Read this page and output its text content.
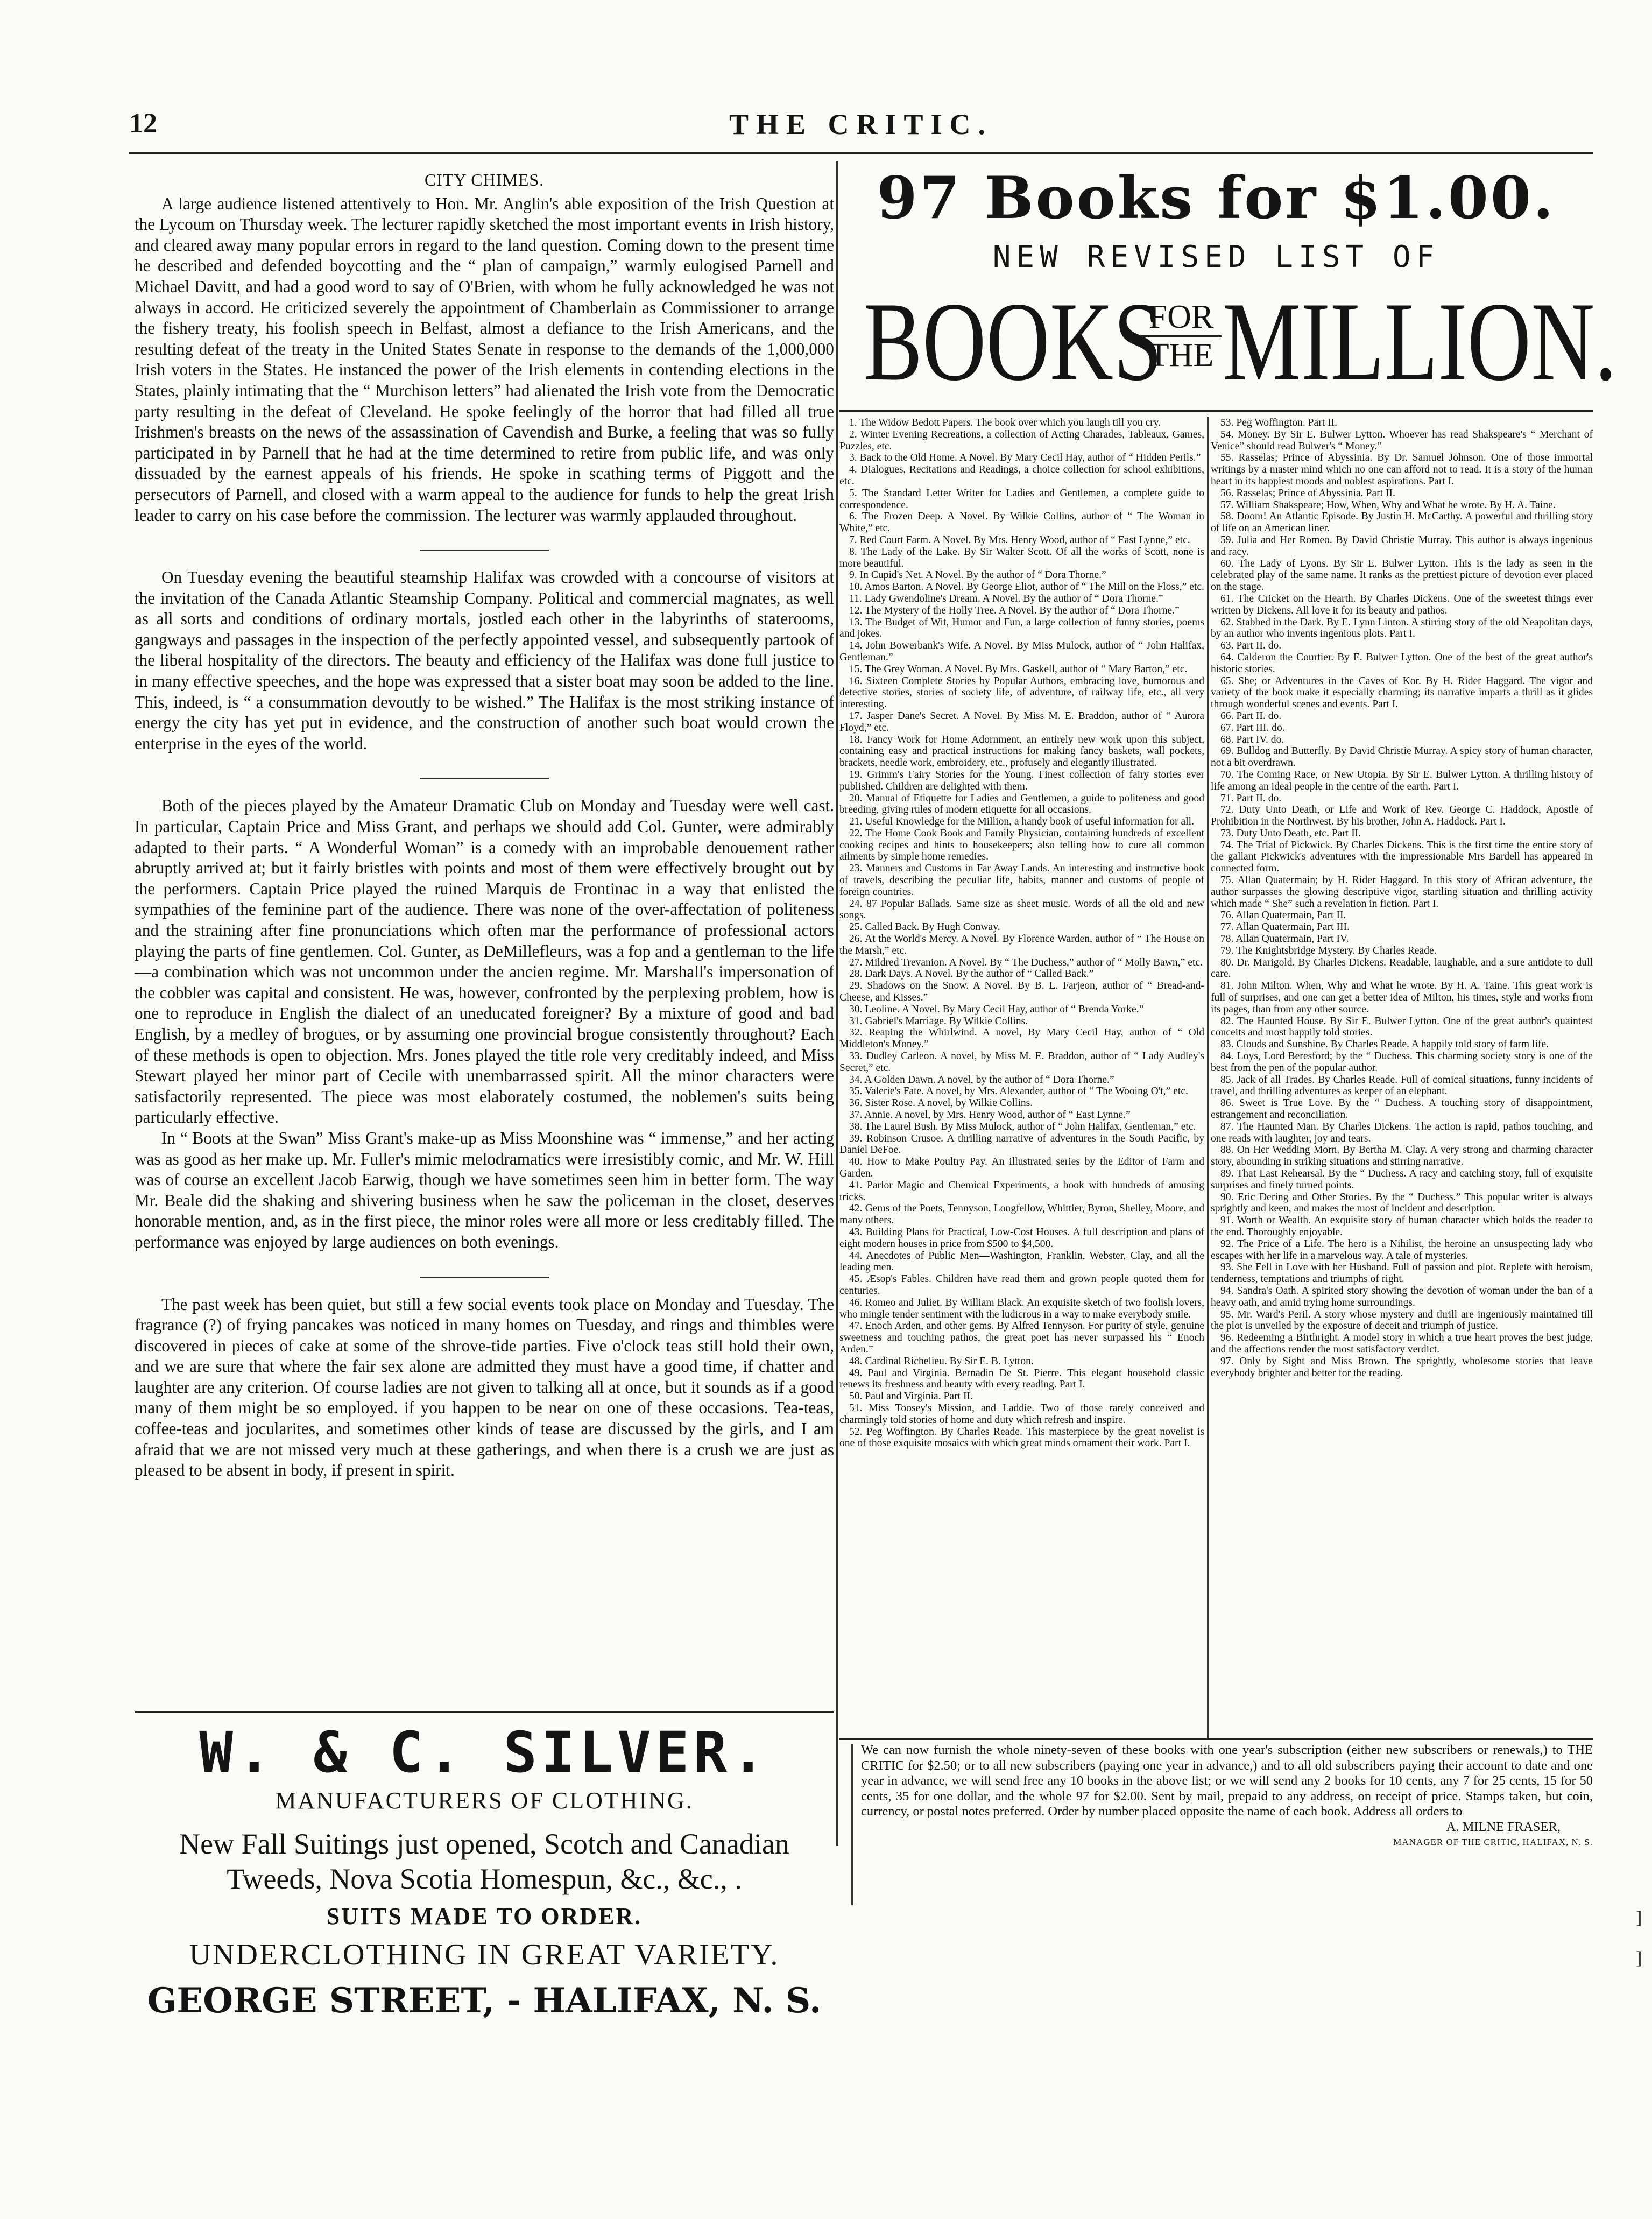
12	THE CRITIC.
CITY CHIMES.

A large audience listened attentively to Hon. Mr. Anglin's able exposition of the Irish Question at the Lycoum on Thursday week. The lecturer rapidly sketched the most important events in Irish history, and cleared away many popular errors in regard to the land question. Coming down to the present time he described and defended boycotting and the “ plan of campaign,” warmly eulogised Parnell and Michael Davitt, and had a good word to say of O'Brien, with whom he fully acknowledged he was not always in accord. He criticized severely the appointment of Chamberlain as Commissioner to arrange the fishery treaty, his foolish speech in Belfast, almost a defiance to the Irish Americans, and the resulting defeat of the treaty in the United States Senate in response to the demands of the 1,000,000 Irish voters in the States. He instanced the power of the Irish elements in contending elections in the States, plainly intimating that the “ Murchison letters” had alienated the Irish vote from the Democratic party resulting in the defeat of Cleveland. He spoke feelingly of the horror that had filled all true Irishmen's breasts on the news of the assassination of Cavendish and Burke, a feeling that was so fully participated in by Parnell that he had at the time determined to retire from public life, and was only dissuaded by the earnest appeals of his friends. He spoke in scathing terms of Piggott and the persecutors of Parnell, and closed with a warm appeal to the audience for funds to help the great Irish leader to carry on his case before the commission. The lecturer was warmly applauded throughout.

On Tuesday evening the beautiful steamship Halifax was crowded with a concourse of visitors at the invitation of the Canada Atlantic Steamship Company. Political and commercial magnates, as well as all sorts and conditions of ordinary mortals, jostled each other in the labyrinths of staterooms, gangways and passages in the inspection of the perfectly appointed vessel, and subsequently partook of the liberal hospitality of the directors. The beauty and efficiency of the Halifax was done full justice to in many effective speeches, and the hope was expressed that a sister boat may soon be added to the line. This, indeed, is “ a consummation devoutly to be wished.” The Halifax is the most striking instance of energy the city has yet put in evidence, and the construction of another such boat would crown the enterprise in the eyes of the world.

Both of the pieces played by the Amateur Dramatic Club on Monday and Tuesday were well cast. In particular, Captain Price and Miss Grant, and perhaps we should add Col. Gunter, were admirably adapted to their parts. “ A Wonderful Woman” is a comedy with an improbable denouement rather abruptly arrived at; but it fairly bristles with points and most of them were effectively brought out by the performers. Captain Price played the ruined Marquis de Frontinac in a way that enlisted the sympathies of the feminine part of the audience. There was none of the over-affectation of politeness and the straining after fine pronunciations which often mar the performance of professional actors playing the parts of fine gentlemen. Col. Gunter, as DeMillefleurs, was a fop and a gentleman to the life—a combination which was not uncommon under the ancien regime. Mr. Marshall's impersonation of the cobbler was capital and consistent. He was, however, confronted by the perplexing problem, how is one to reproduce in English the dialect of an uneducated foreigner? By a mixture of good and bad English, by a medley of brogues, or by assuming one provincial brogue consistently throughout? Each of these methods is open to objection. Mrs. Jones played the title role very creditably indeed, and Miss Stewart played her minor part of Cecile with unembarrassed spirit. All the minor characters were satisfactorily represented. The piece was most elaborately costumed, the noblemen's suits being particularly effective.

In “ Boots at the Swan” Miss Grant's make-up as Miss Moonshine was “ immense,” and her acting was as good as her make up. Mr. Fuller's mimic melodramatics were irresistibly comic, and Mr. W. Hill was of course an excellent Jacob Earwig, though we have sometimes seen him in better form. The way Mr. Beale did the shaking and shivering business when he saw the policeman in the closet, deserves honorable mention, and, as in the first piece, the minor roles were all more or less creditably filled. The performance was enjoyed by large audiences on both evenings.

The past week has been quiet, but still a few social events took place on Monday and Tuesday. The fragrance (?) of frying pancakes was noticed in many homes on Tuesday, and rings and thimbles were discovered in pieces of cake at some of the shrove-tide parties. Five o'clock teas still hold their own, and we are sure that where the fair sex alone are admitted they must have a good time, if chatter and laughter are any criterion. Of course ladies are not given to talking all at once, but it sounds as if a good many of them might be so employed. if you happen to be near on one of these occasions. Tea-teas, coffee-teas and jocularites, and sometimes other kinds of tease are discussed by the girls, and I am afraid that we are not missed very much at these gatherings, and when there is a crush we are just as pleased to be absent in body, if present in spirit.

W. & C. SILVER.
MANUFACTURERS OF CLOTHING.
New Fall Suitings just opened, Scotch and Canadian
Tweeds, Nova Scotia Homespun, &c., &c., .
SUITS MADE TO ORDER.
UNDERCLOTHING IN GREAT VARIETY.
GEORGE STREET, - HALIFAX, N. S.
97 Books for $1.00.
NEW REVISED LIST OF
BOOKS
FOR
THE MILLION.
1. The Widow Bedott Papers. The book over which you laugh till you cry.
2. Winter Evening Recreations, a collection of Acting Charades, Tableaux, Games, Puzzles, etc.
3. Back to the Old Home. A Novel. By Mary Cecil Hay, author of “ Hidden Perils.”
4. Dialogues, Recitations and Readings, a choice collection for school exhibitions, etc.
5. The Standard Letter Writer for Ladies and Gentlemen, a complete guide to correspondence.
6. The Frozen Deep. A Novel. By Wilkie Collins, author of “ The Woman in White,” etc.
7. Red Court Farm. A Novel. By Mrs. Henry Wood, author of “ East Lynne,” etc.
8. The Lady of the Lake. By Sir Walter Scott. Of all the works of Scott, none is more beautiful.
9. In Cupid's Net. A Novel. By the author of “ Dora Thorne.”
10. Amos Barton. A Novel. By George Eliot, author of “ The Mill on the Floss,” etc.
11. Lady Gwendoline's Dream. A Novel. By the author of “ Dora Thorne.”
12. The Mystery of the Holly Tree. A Novel. By the author of “ Dora Thorne.”
13. The Budget of Wit, Humor and Fun, a large collection of funny stories, poems and jokes.
14. John Bowerbank's Wife. A Novel. By Miss Mulock, author of “ John Halifax, Gentleman.”
15. The Grey Woman. A Novel. By Mrs. Gaskell, author of “ Mary Barton,” etc.
16. Sixteen Complete Stories by Popular Authors, embracing love, humorous and detective stories, stories of society life, of adventure, of railway life, etc., all very interesting.
17. Jasper Dane's Secret. A Novel. By Miss M. E. Braddon, author of “ Aurora Floyd,” etc.
18. Fancy Work for Home Adornment, an entirely new work upon this subject, containing easy and practical instructions for making fancy baskets, wall pockets, brackets, needle work, embroidery, etc., profusely and elegantly illustrated.
19. Grimm's Fairy Stories for the Young. Finest collection of fairy stories ever published. Children are delighted with them.
20. Manual of Etiquette for Ladies and Gentlemen, a guide to politeness and good breeding, giving rules of modern etiquette for all occasions.
21. Useful Knowledge for the Million, a handy book of useful information for all.
22. The Home Cook Book and Family Physician, containing hundreds of excellent cooking recipes and hints to housekeepers; also telling how to cure all common ailments by simple home remedies.
23. Manners and Customs in Far Away Lands. An interesting and instructive book of travels, describing the peculiar life, habits, manner and customs of people of foreign countries.
24. 87 Popular Ballads. Same size as sheet music. Words of all the old and new songs.
25. Called Back. By Hugh Conway.
26. At the World's Mercy. A Novel. By Florence Warden, author of “ The House on the Marsh,” etc.
27. Mildred Trevanion. A Novel. By “ The Duchess,” author of “ Molly Bawn,” etc.
28. Dark Days. A Novel. By the author of “ Called Back.”
29. Shadows on the Snow. A Novel. By B. L. Farjeon, author of “ Bread-and-Cheese, and Kisses.”
30. Leoline. A Novel. By Mary Cecil Hay, author of “ Brenda Yorke.”
31. Gabriel's Marriage. By Wilkie Collins.
32. Reaping the Whirlwind. A novel, By Mary Cecil Hay, author of “ Old Middleton's Money.”
33. Dudley Carleon. A novel, by Miss M. E. Braddon, author of “ Lady Audley's Secret,” etc.
34. A Golden Dawn. A novel, by the author of “ Dora Thorne.”
35. Valerie's Fate. A novel, by Mrs. Alexander, author of “ The Wooing O't,” etc.
36. Sister Rose. A novel, by Wilkie Collins.
37. Annie. A novel, by Mrs. Henry Wood, author of “ East Lynne.”
38. The Laurel Bush. By Miss Mulock, author of “ John Halifax, Gentleman,” etc.
39. Robinson Crusoe. A thrilling narrative of adventures in the South Pacific, by Daniel DeFoe.
40. How to Make Poultry Pay. An illustrated series by the Editor of Farm and Garden.
41. Parlor Magic and Chemical Experiments, a book with hundreds of amusing tricks.
42. Gems of the Poets, Tennyson, Longfellow, Whittier, Byron, Shelley, Moore, and many others.
43. Building Plans for Practical, Low-Cost Houses. A full description and plans of eight modern houses in price from $500 to $4,500.
44. Anecdotes of Public Men—Washington, Franklin, Webster, Clay, and all the leading men.
45. Æsop's Fables. Children have read them and grown people quoted them for centuries.
46. Romeo and Juliet. By William Black. An exquisite sketch of two foolish lovers, who mingle tender sentiment with the ludicrous in a way to make everybody smile.
47. Enoch Arden, and other gems. By Alfred Tennyson. For purity of style, genuine sweetness and touching pathos, the great poet has never surpassed his “ Enoch Arden.”
48. Cardinal Richelieu. By Sir E. B. Lytton.
49. Paul and Virginia. Bernadin De St. Pierre. This elegant household classic renews its freshness and beauty with every reading. Part I.
50. Paul and Virginia. Part II.
51. Miss Toosey's Mission, and Laddie. Two of those rarely conceived and charmingly told stories of home and duty which refresh and inspire.
52. Peg Woffington. By Charles Reade. This masterpiece by the great novelist is one of those exquisite mosaics with which great minds ornament their work. Part I.
53. Peg Woffington. Part II.
54. Money. By Sir E. Bulwer Lytton. Whoever has read Shakspeare's “ Merchant of Venice” should read Bulwer's “ Money.”
55. Rasselas; Prince of Abyssinia. By Dr. Samuel Johnson. One of those immortal writings by a master mind which no one can afford not to read. It is a story of the human heart in its happiest moods and noblest aspirations. Part I.
56. Rasselas; Prince of Abyssinia. Part II.
57. William Shakspeare; How, When, Why and What he wrote. By H. A. Taine.
58. Doom! An Atlantic Episode. By Justin H. McCarthy. A powerful and thrilling story of life on an American liner.
59. Julia and Her Romeo. By David Christie Murray. This author is always ingenious and racy.
60. The Lady of Lyons. By Sir E. Bulwer Lytton. This is the lady as seen in the celebrated play of the same name. It ranks as the prettiest picture of devotion ever placed on the stage.
61. The Cricket on the Hearth. By Charles Dickens. One of the sweetest things ever written by Dickens. All love it for its beauty and pathos.
62. Stabbed in the Dark. By E. Lynn Linton. A stirring story of the old Neapolitan days, by an author who invents ingenious plots. Part I.
63. Part II. do.
64. Calderon the Courtier. By E. Bulwer Lytton. One of the best of the great author's historic stories.
65. She; or Adventures in the Caves of Kor. By H. Rider Haggard. The vigor and variety of the book make it especially charming; its narrative imparts a thrill as it glides through wonderful scenes and events. Part I.
66. Part II. do.
67. Part III. do.
68. Part IV. do.
69. Bulldog and Butterfly. By David Christie Murray. A spicy story of human character, not a bit overdrawn.
70. The Coming Race, or New Utopia. By Sir E. Bulwer Lytton. A thrilling history of life among an ideal people in the centre of the earth. Part I.
71. Part II. do.
72. Duty Unto Death, or Life and Work of Rev. George C. Haddock, Apostle of Prohibition in the Northwest. By his brother, John A. Haddock. Part I.
73. Duty Unto Death, etc. Part II.
74. The Trial of Pickwick. By Charles Dickens. This is the first time the entire story of the gallant Pickwick's adventures with the impressionable Mrs Bardell has appeared in connected form.
75. Allan Quatermain; by H. Rider Haggard. In this story of African adventure, the author surpasses the glowing descriptive vigor, startling situation and thrilling activity which made “ She” such a revelation in fiction. Part I.
76. Allan Quatermain, Part II.
77. Allan Quatermain, Part III.
78. Allan Quatermain, Part IV.
79. The Knightsbridge Mystery. By Charles Reade.
80. Dr. Marigold. By Charles Dickens. Readable, laughable, and a sure antidote to dull care.
81. John Milton. When, Why and What he wrote. By H. A. Taine. This great work is full of surprises, and one can get a better idea of Milton, his times, style and works from its pages, than from any other source.
82. The Haunted House. By Sir E. Bulwer Lytton. One of the great author's quaintest conceits and most happily told stories.
83. Clouds and Sunshine. By Charles Reade. A happily told story of farm life.
84. Loys, Lord Beresford; by the “ Duchess. This charming society story is one of the best from the pen of the popular author.
85. Jack of all Trades. By Charles Reade. Full of comical situations, funny incidents of travel, and thrilling adventures as keeper of an elephant.
86. Sweet is True Love. By the “ Duchess. A touching story of disappointment, estrangement and reconciliation.
87. The Haunted Man. By Charles Dickens. The action is rapid, pathos touching, and one reads with laughter, joy and tears.
88. On Her Wedding Morn. By Bertha M. Clay. A very strong and charming character story, abounding in striking situations and stirring narrative.
89. That Last Rehearsal. By the “ Duchess. A racy and catching story, full of exquisite surprises and finely turned points.
90. Eric Dering and Other Stories. By the “ Duchess.” This popular writer is always sprightly and keen, and makes the most of incident and description.
91. Worth or Wealth. An exquisite story of human character which holds the reader to the end. Thoroughly enjoyable.
92. The Price of a Life. The hero is a Nihilist, the heroine an unsuspecting lady who escapes with her life in a marvelous way. A tale of mysteries.
93. She Fell in Love with her Husband. Full of passion and plot. Replete with heroism, tenderness, temptations and triumphs of right.
94. Sandra's Oath. A spirited story showing the devotion of woman under the ban of a heavy oath, and amid trying home surroundings.
95. Mr. Ward's Peril. A story whose mystery and thrill are ingeniously maintained till the plot is unveiled by the exposure of deceit and triumph of justice.
96. Redeeming a Birthright. A model story in which a true heart proves the best judge, and the affections render the most satisfactory verdict.
97. Only by Sight and Miss Brown. The sprightly, wholesome stories that leave everybody brighter and better for the reading.
We can now furnish the whole ninety-seven of these books with one year's subscription (either new subscribers or renewals,) to THE CRITIC for $2.50; or to all new subscribers (paying one year in advance,) and to all old subscribers paying their account to date and one year in advance, we will send free any 10 books in the above list; or we will send any 2 books for 10 cents, any 7 for 25 cents, 15 for 50 cents, 35 for one dollar, and the whole 97 for $2.00. Sent by mail, prepaid to any address, on receipt of price. Stamps taken, but coin, currency, or postal notes preferred. Order by number placed opposite the name of each book. Address all orders to
A. MILNE FRASER,
MANAGER OF THE CRITIC, HALIFAX, N. S.
]
]
